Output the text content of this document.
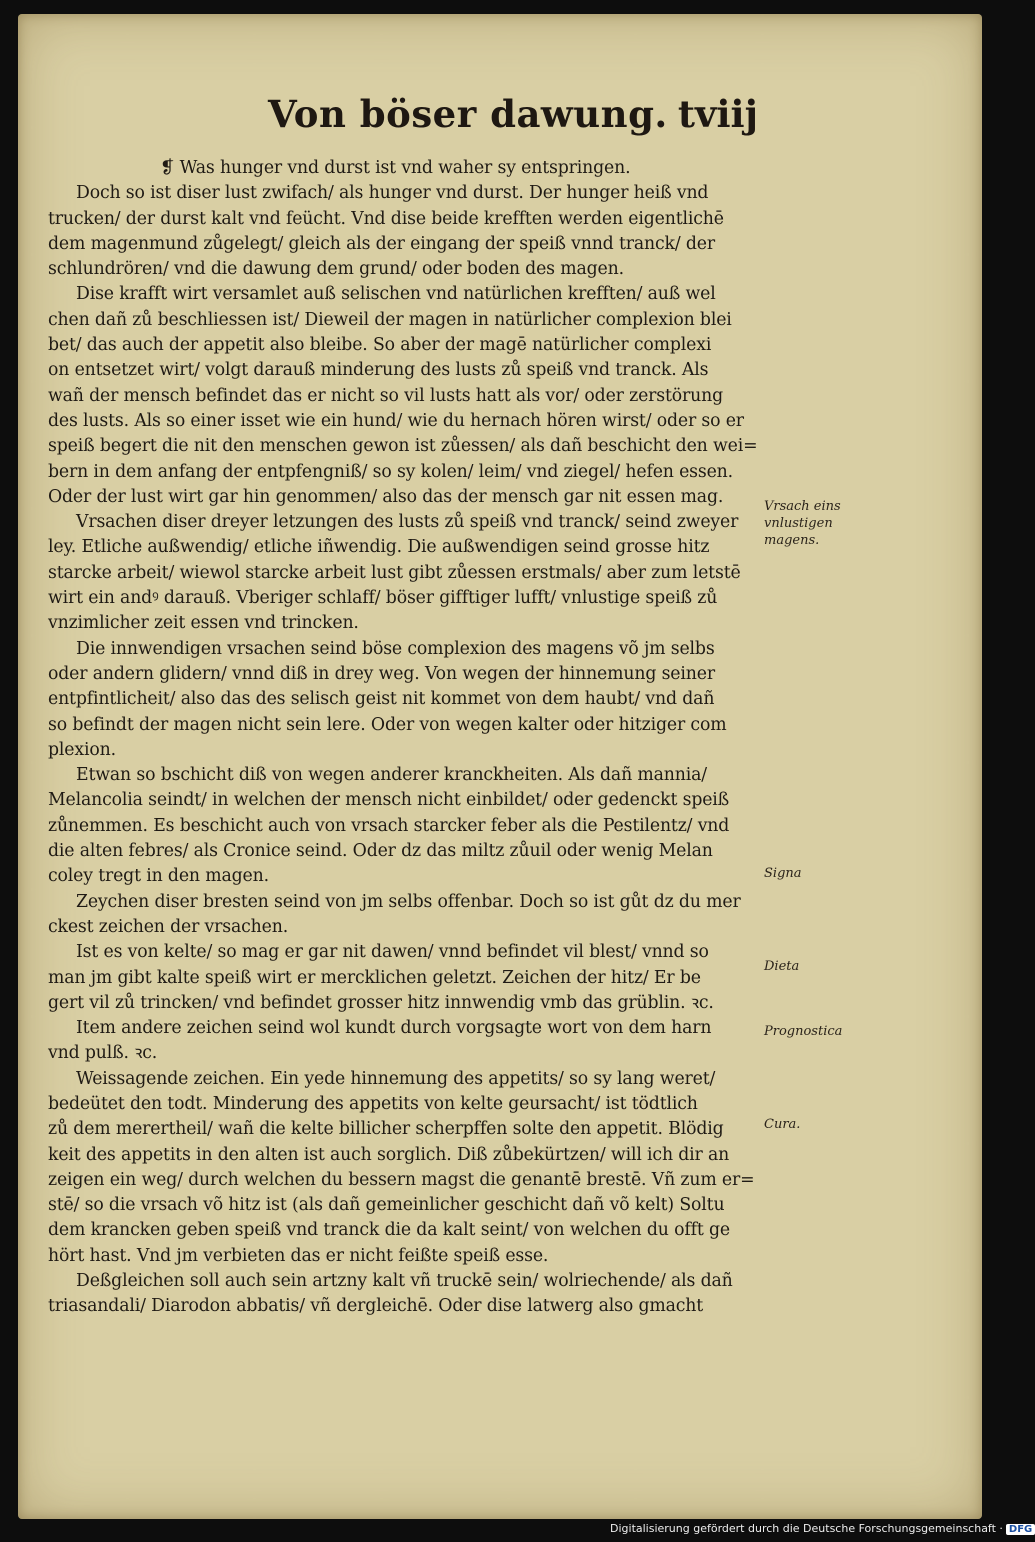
Von böser dawung. tviij
❡ Was hunger vnd durst ist vnd waher sy entspringen.
Doch so ist diser lust zwifach/ als hunger vnd durst. Der hunger heiß vnd
trucken/ der durst kalt vnd feücht. Vnd dise beide krefften werden eigentlichē
dem magenmund zůgelegt/ gleich als der eingang der speiß vnnd tranck/ der
schlundrören/ vnd die dawung dem grund/ oder boden des magen.
Dise krafft wirt versamlet auß selischen vnd natürlichen krefften/ auß wel
chen dañ zů beschliessen ist/ Dieweil der magen in natürlicher complexion blei
bet/ das auch der appetit also bleibe. So aber der magē natürlicher complexi
on entsetzet wirt/ volgt darauß minderung des lusts zů speiß vnd tranck. Als
wañ der mensch befindet das er nicht so vil lusts hatt als vor/ oder zerstörung
des lusts. Als so einer isset wie ein hund/ wie du hernach hören wirst/ oder so er
speiß begert die nit den menschen gewon ist zůessen/ als dañ beschicht den wei=
bern in dem anfang der entpfengniß/ so sy kolen/ leim/ vnd ziegel/ hefen essen.
Oder der lust wirt gar hin genommen/ also das der mensch gar nit essen mag.
Vrsachen diser dreyer letzungen des lusts zů speiß vnd tranck/ seind zweyer
ley. Etliche außwendig/ etliche iñwendig. Die außwendigen seind grosse hitz
starcke arbeit/ wiewol starcke arbeit lust gibt zůessen erstmals/ aber zum letstē
wirt ein andꝰ darauß. Vberiger schlaff/ böser gifftiger lufft/ vnlustige speiß zů
vnzimlicher zeit essen vnd trincken.
Die innwendigen vrsachen seind böse complexion des magens võ jm selbs
oder andern glidern/ vnnd diß in drey weg. Von wegen der hinnemung seiner
entpfintlicheit/ also das des selisch geist nit kommet von dem haubt/ vnd dañ
so befindt der magen nicht sein lere. Oder von wegen kalter oder hitziger com
plexion.
Etwan so bschicht diß von wegen anderer kranckheiten. Als dañ mannia/
Melancolia seindt/ in welchen der mensch nicht einbildet/ oder gedenckt speiß
zůnemmen. Es beschicht auch von vrsach starcker feber als die Pestilentz/ vnd
die alten febres/ als Cronice seind. Oder dz das miltz zůuil oder wenig Melan
coley tregt in den magen.
Zeychen diser bresten seind von jm selbs offenbar. Doch so ist gůt dz du mer
ckest zeichen der vrsachen.
Ist es von kelte/ so mag er gar nit dawen/ vnnd befindet vil blest/ vnnd so
man jm gibt kalte speiß wirt er mercklichen geletzt. Zeichen der hitz/ Er be
gert vil zů trincken/ vnd befindet grosser hitz innwendig vmb das grüblin. ꝛc.
Item andere zeichen seind wol kundt durch vorgsagte wort von dem harn
vnd pulß. ꝛc.
Weissagende zeichen. Ein yede hinnemung des appetits/ so sy lang weret/
bedeütet den todt. Minderung des appetits von kelte geursacht/ ist tödtlich
zů dem merertheil/ wañ die kelte billicher scherpffen solte den appetit. Blödig
keit des appetits in den alten ist auch sorglich. Diß zůbekürtzen/ will ich dir an
zeigen ein weg/ durch welchen du bessern magst die genantē brestē. Vñ zum er=
stē/ so die vrsach võ hitz ist (als dañ gemeinlicher geschicht dañ võ kelt) Soltu
dem krancken geben speiß vnd tranck die da kalt seint/ von welchen du offt ge
hört hast. Vnd jm verbieten das er nicht feißte speiß esse.
Deßgleichen soll auch sein artzny kalt vñ truckē sein/ wolriechende/ als dañ
triasandali/ Diarodon abbatis/ vñ dergleichē. Oder dise latwerg also gmacht
Vrsach eins
vnlustigen
magens.
Signa
Dieta
Prognostica
Cura.
Digitalisierung gefördert durch die Deutsche Forschungsgemeinschaft · DFG
